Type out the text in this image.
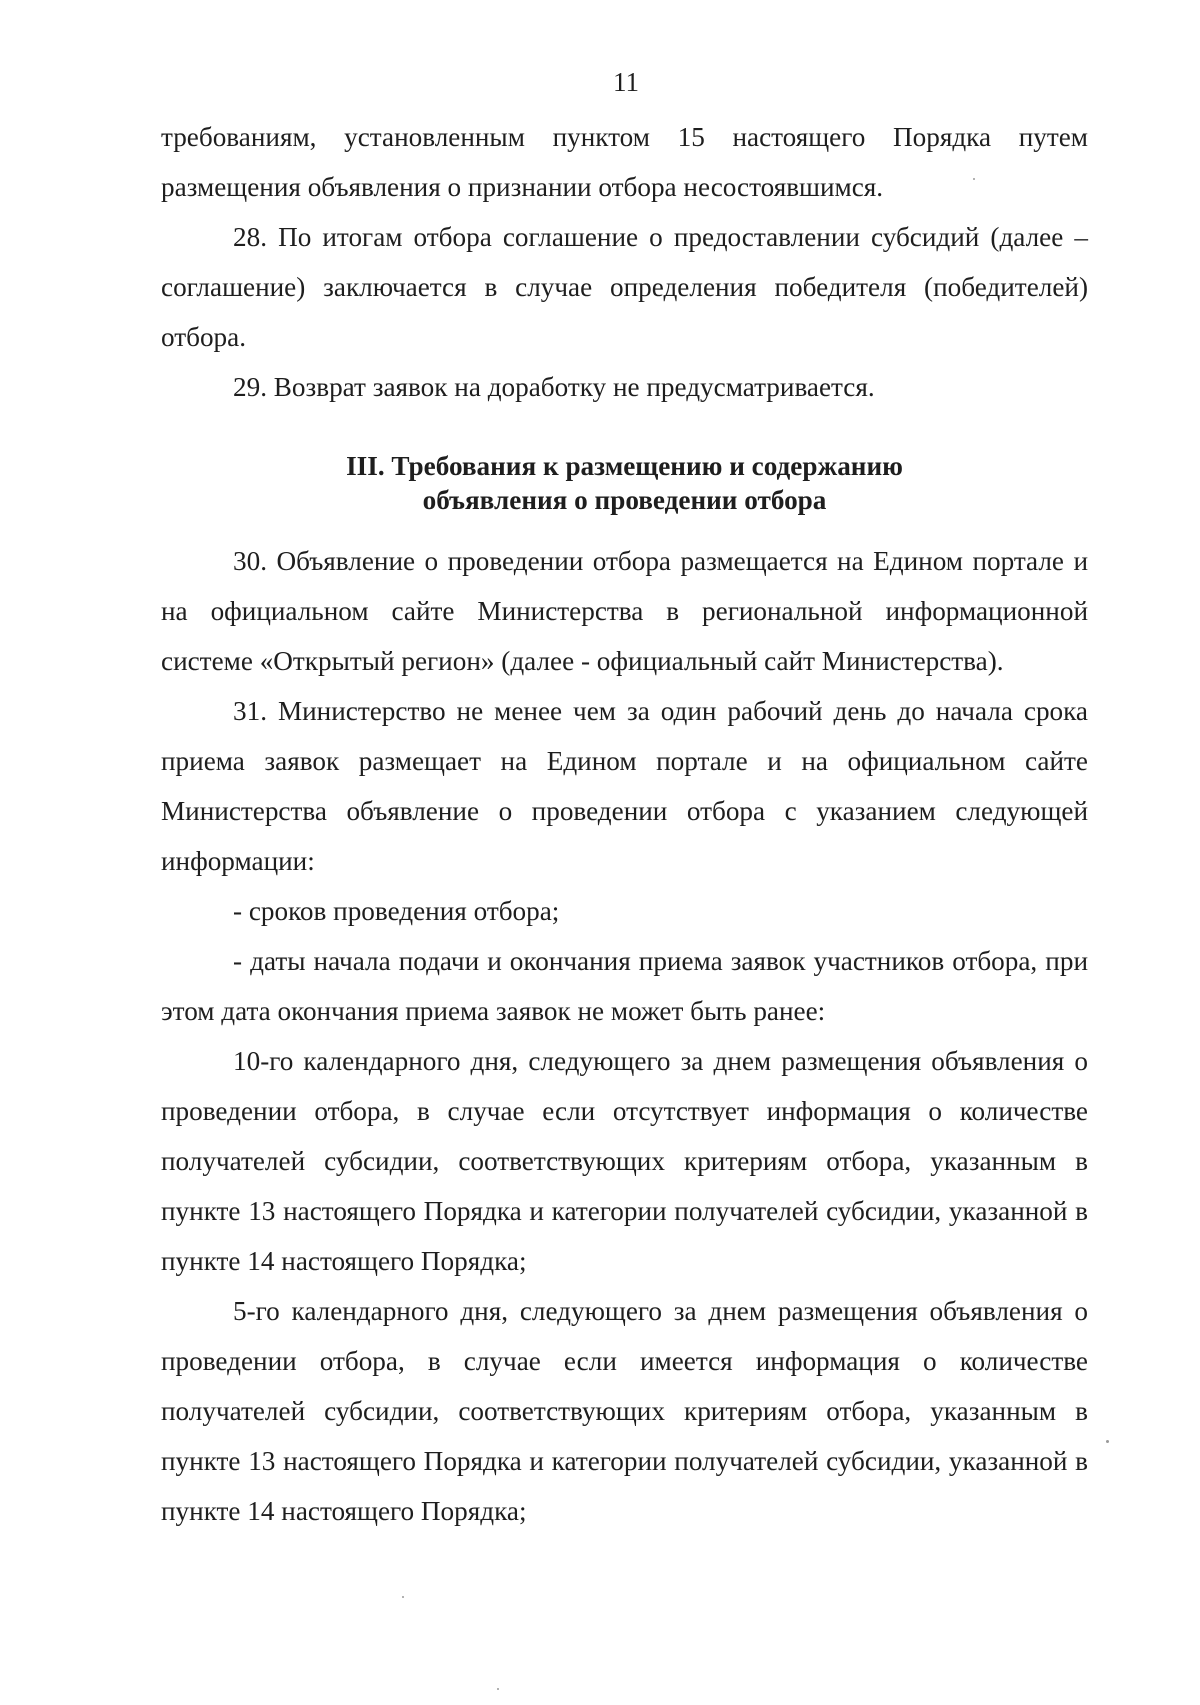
11

требованиям, установленным пунктом 15 настоящего Порядка путем размещения объявления о признании отбора несостоявшимся.

28. По итогам отбора соглашение о предоставлении субсидий (далее – соглашение) заключается в случае определения победителя (победителей) отбора.

29. Возврат заявок на доработку не предусматривается.

III. Требования к размещению и содержанию
объявления о проведении отбора

30. Объявление о проведении отбора размещается на Едином портале и на официальном сайте Министерства в региональной информационной системе «Открытый регион» (далее - официальный сайт Министерства).

31. Министерство не менее чем за один рабочий день до начала срока приема заявок размещает на Едином портале и на официальном сайте Министерства объявление о проведении отбора с указанием следующей информации:

- сроков проведения отбора;

- даты начала подачи и окончания приема заявок участников отбора, при этом дата окончания приема заявок не может быть ранее:

10-го календарного дня, следующего за днем размещения объявления о проведении отбора, в случае если отсутствует информация о количестве получателей субсидии, соответствующих критериям отбора, указанным в пункте 13 настоящего Порядка и категории получателей субсидии, указанной в пункте 14 настоящего Порядка;

5-го календарного дня, следующего за днем размещения объявления о проведении отбора, в случае если имеется информация о количестве получателей субсидии, соответствующих критериям отбора, указанным в пункте 13 настоящего Порядка и категории получателей субсидии, указанной в пункте 14 настоящего Порядка;
